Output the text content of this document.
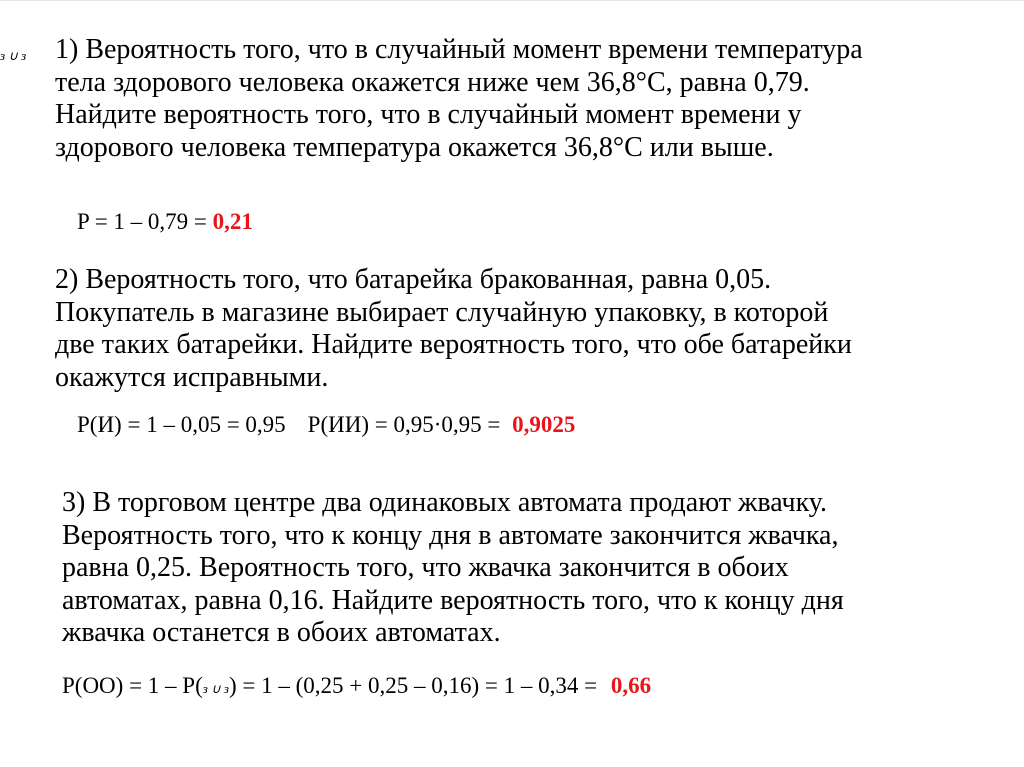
з ∪ з 1) Вероятность того, что в случайный момент времени температура
тела здорового человека окажется ниже чем 36,8°С, равна 0,79.
Найдите вероятность того, что в случайный момент времени у
здорового человека температура окажется 36,8°С или выше.
P = 1 – 0,79 = 0,21
2) Вероятность того, что батарейка бракованная, равна 0,05.
Покупатель в магазине выбирает случайную упаковку, в которой
две таких батарейки. Найдите вероятность того, что обе батарейки
окажутся исправными.
Р(И) = 1 – 0,05 = 0,95 Р(ИИ) = 0,95·0,95 = 0,9025
3) В торговом центре два одинаковых автомата продают жвачку.
Вероятность того, что к концу дня в автомате закончится жвачка,
равна 0,25. Вероятность того, что жвачка закончится в обоих
автоматах, равна 0,16. Найдите вероятность того, что к концу дня
жвачка останется в обоих автоматах.
Р(ОО) = 1 – Р(з ∪ з) = 1 – (0,25 + 0,25 – 0,16) = 1 – 0,34 = 0,66
